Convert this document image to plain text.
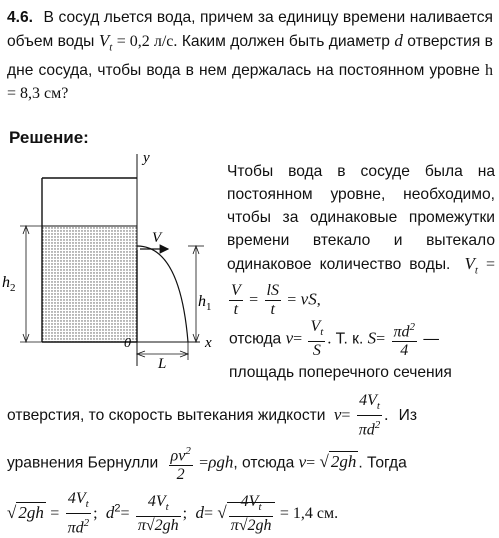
4.6. В сосуд льется вода, причем за единицу времени наливается объем воды $V_t = 0,2$ л/с. Каким должен быть диаметр d отверстия в дне сосуда, чтобы вода в нем держалась на постоянном уровне h = 8,3 см?
Решение:
y
x
0
$h_2$
$h_1$
L
V
Чтобы вода в сосуде была на постоянном уровне, необходимо, чтобы за одинаковые промежутки времени втекало и вытекало одинаковое количество воды. $V_t$ =
$\frac{V}{t} = \frac{lS}{t}$ = vS,
отсюда $v= \frac{V_t}{S}$ . Т. к. $S= \frac{\pi d^2}{4}$ —
площадь поперечного сечения
отверстия, то скорость вытекания жидкости $v= \frac{4V_t}{\pi d^2}$ . Из
уравнения Бернулли $\frac{\rho v^2}{2} =\rho gh$, отсюда v= √ 2gh . Тогда
√ $2gh = \frac{4V_t}{\pi d^2}$ ; $d^2= \frac{4V_t}{\pi√2gh}$ ; d= √ $\frac{4V_t}{\pi√2gh} = 1,4$ см.
